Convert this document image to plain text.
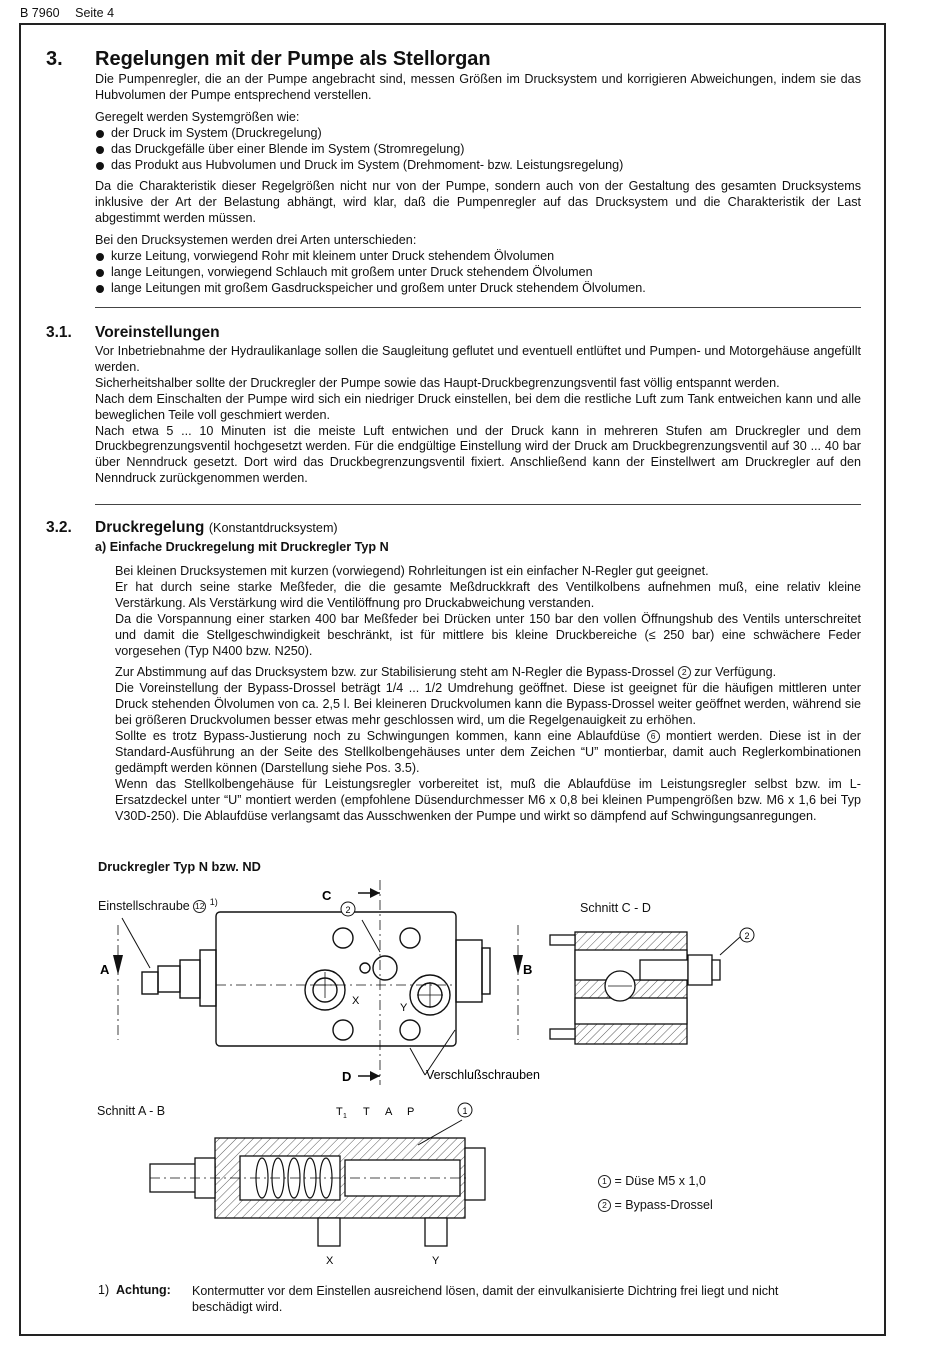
B 7960 Seite 4
3. Regelungen mit der Pumpe als Stellorgan

Die Pumpenregler, die an der Pumpe angebracht sind, messen Größen im Drucksystem und korrigieren Abweichungen, indem sie das Hubvolumen der Pumpe entsprechend verstellen.

Geregelt werden Systemgrößen wie:

der Druck im System (Druckregelung)
das Druckgefälle über einer Blende im System (Stromregelung)
das Produkt aus Hubvolumen und Druck im System (Drehmoment- bzw. Leistungsregelung)

Da die Charakteristik dieser Regelgrößen nicht nur von der Pumpe, sondern auch von der Gestaltung des gesamten Drucksystems inklusive der Art der Belastung abhängt, wird klar, daß die Pumpenregler auf das Drucksystem und die Charakteristik der Last abgestimmt werden müssen.

Bei den Drucksystemen werden drei Arten unterschieden:

kurze Leitung, vorwiegend Rohr mit kleinem unter Druck stehendem Ölvolumen
lange Leitungen, vorwiegend Schlauch mit großem unter Druck stehendem Ölvolumen
lange Leitungen mit großem Gasdruckspeicher und großem unter Druck stehendem Ölvolumen.
3.1. Voreinstellungen

Vor Inbetriebnahme der Hydraulikanlage sollen die Saugleitung geflutet und eventuell entlüftet und Pumpen- und Motorgehäuse angefüllt werden.

Sicherheitshalber sollte der Druckregler der Pumpe sowie das Haupt-Druckbegrenzungsventil fast völlig entspannt werden.

Nach dem Einschalten der Pumpe wird sich ein niedriger Druck einstellen, bei dem die restliche Luft zum Tank entweichen kann und alle beweglichen Teile voll geschmiert werden.

Nach etwa 5 ... 10 Minuten ist die meiste Luft entwichen und der Druck kann in mehreren Stufen am Druckregler und dem Druckbegrenzungsventil hochgesetzt werden. Für die endgültige Einstellung wird der Druck am Druckbegrenzungsventil auf 30 ... 40 bar über Nenndruck gesetzt. Dort wird das Druckbegrenzungsventil fixiert. Anschließend kann der Einstellwert am Druckregler auf den Nenndruck zurückgenommen werden.

3.2. Druckregelung (Konstantdrucksystem)
a) Einfache Druckregelung mit Druckregler Typ N

Bei kleinen Drucksystemen mit kurzen (vorwiegend) Rohrleitungen ist ein einfacher N-Regler gut geeignet.

Er hat durch seine starke Meßfeder, die die gesamte Meßdruckkraft des Ventilkolbens aufnehmen muß, eine relativ kleine Verstärkung. Als Verstärkung wird die Ventilöffnung pro Druckabweichung verstanden.

Da die Vorspannung einer starken 400 bar Meßfeder bei Drücken unter 150 bar den vollen Öffnungshub des Ventils unterschreitet und damit die Stellgeschwindigkeit beschränkt, ist für mittlere bis kleine Druckbereiche (≤ 250 bar) eine schwächere Feder vorgesehen (Typ N400 bzw. N250).

Zur Abstimmung auf das Drucksystem bzw. zur Stabilisierung steht am N-Regler die Bypass-Drossel 2 zur Verfügung.

Die Voreinstellung der Bypass-Drossel beträgt 1/4 ... 1/2 Umdrehung geöffnet. Diese ist geeignet für die häufigen mittleren unter Druck stehenden Ölvolumen von ca. 2,5 l. Bei kleineren Druckvolumen kann die Bypass-Drossel weiter geöffnet werden, während sie bei größeren Druckvolumen besser etwas mehr geschlossen wird, um die Regelgenauigkeit zu erhöhen.

Sollte es trotz Bypass-Justierung noch zu Schwingungen kommen, kann eine Ablaufdüse 6 montiert werden. Diese ist in der Standard-Ausführung an der Seite des Stellkolbengehäuses unter dem Zeichen “U” montierbar, damit auch Reglerkombinationen gedämpft werden können (Darstellung siehe Pos. 3.5).

Wenn das Stellkolbengehäuse für Leistungsregler vorbereitet ist, muß die Ablaufdüse im Leistungsregler selbst bzw. im L-Ersatzdeckel unter “U” montiert werden (empfohlene Düsendurchmesser M6 x 0,8 bei kleinen Pumpengrößen bzw. M6 x 1,6 bei Typ V30D-250). Die Ablaufdüse verlangsamt das Ausschwenken der Pumpe und wirkt so dämpfend auf Schwingungsanregungen.

Druckregler Typ N bzw. ND
Einstellschraube 12 $^{1)}$	Schnitt C - D
Schnitt A - B
2
A	B
C
D
X
Y
Verschlußschrauben
2
T 1 T A P	1
X	Y
1 = Düse M5 x 1,0
2 = Bypass-Drossel
1) Achtung: Kontermutter vor dem Einstellen ausreichend lösen, damit der einvulkanisierte Dichtring frei liegt und nicht beschädigt wird.
